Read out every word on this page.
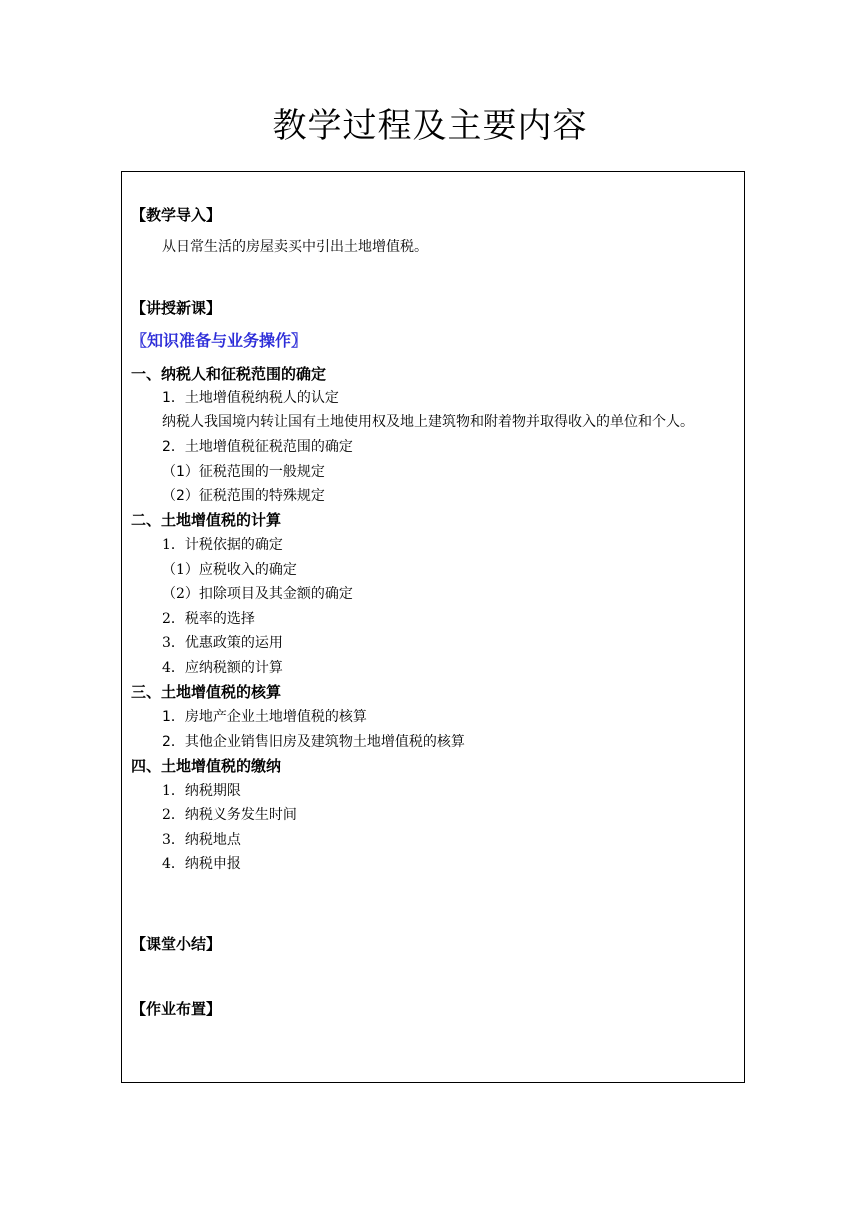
教学过程及主要内容
【教学导入】
从日常生活的房屋卖买中引出土地增值税。
【讲授新课】
〖知识准备与业务操作〗
一、纳税人和征税范围的确定
1．土地增值税纳税人的认定
纳税人我国境内转让国有土地使用权及地上建筑物和附着物并取得收入的单位和个人。
2．土地增值税征税范围的确定
（1）征税范围的一般规定
（2）征税范围的特殊规定
二、土地增值税的计算
1．计税依据的确定
（1）应税收入的确定
（2）扣除项目及其金额的确定
2．税率的选择
3．优惠政策的运用
4．应纳税额的计算
三、土地增值税的核算
1．房地产企业土地增值税的核算
2．其他企业销售旧房及建筑物土地增值税的核算
四、土地增值税的缴纳
1．纳税期限
2．纳税义务发生时间
3．纳税地点
4．纳税申报
【课堂小结】
【作业布置】
